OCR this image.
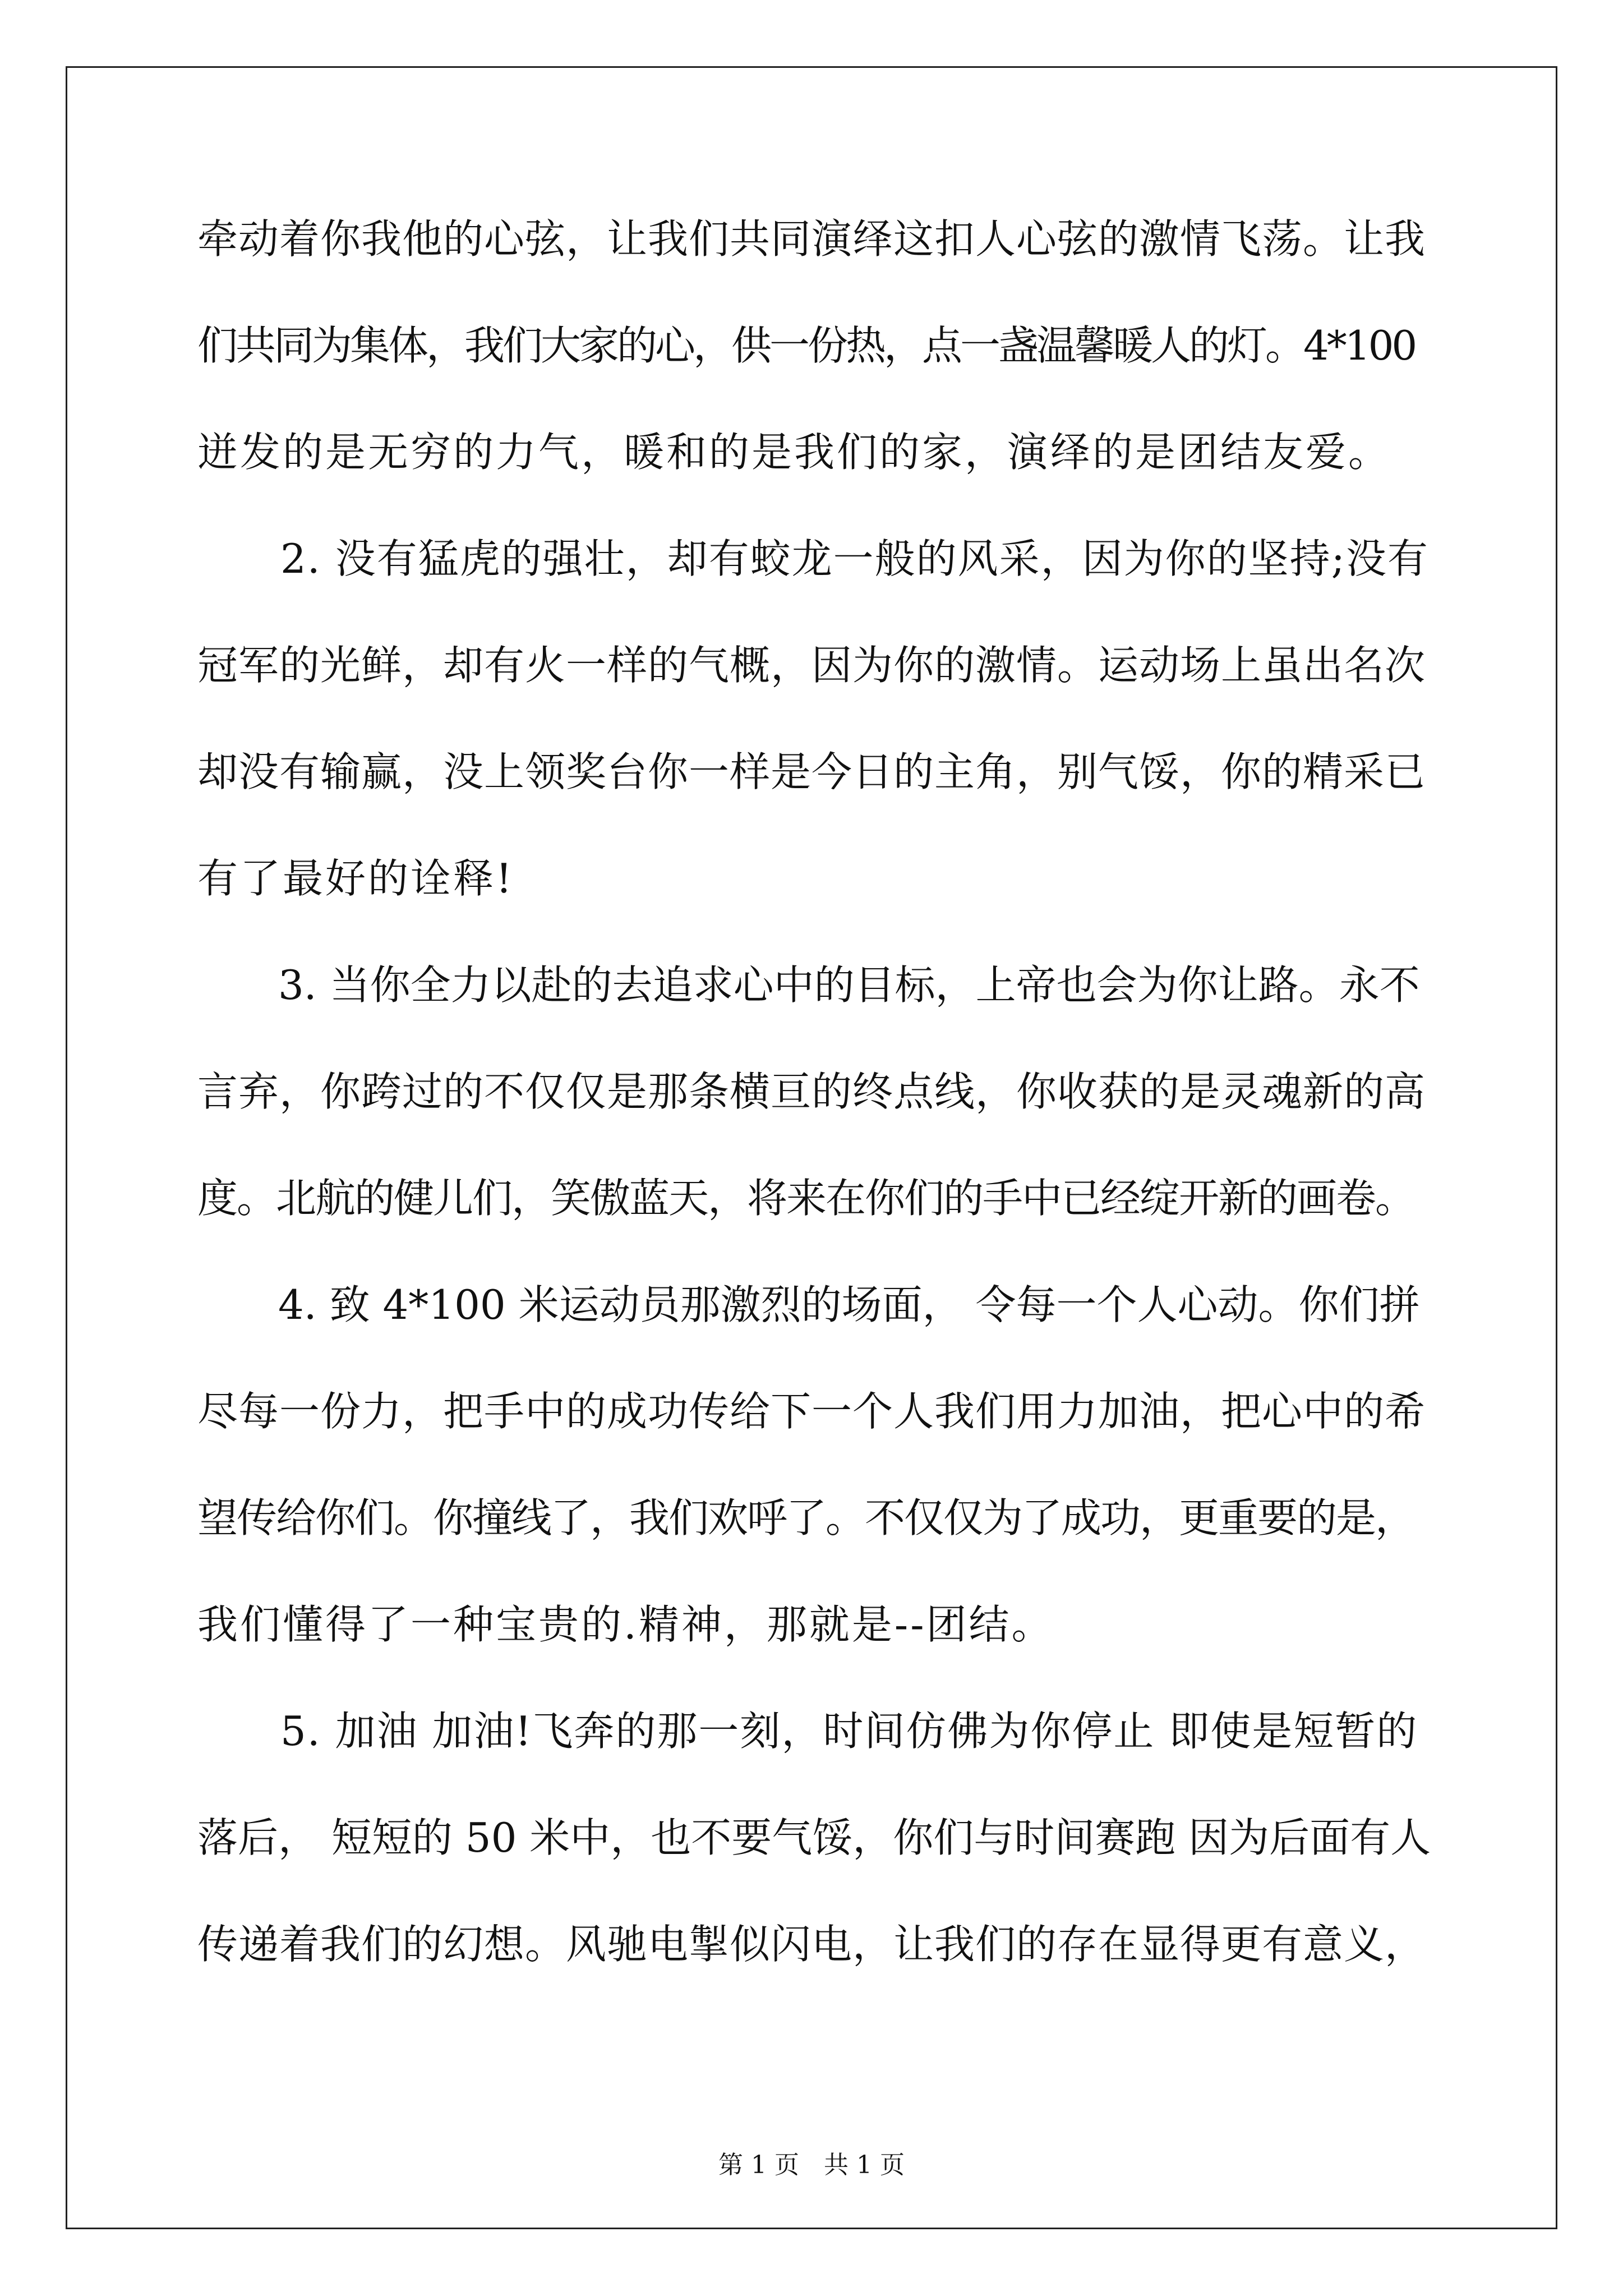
牵动着你我他的心弦，让我们共同演绎这扣人心弦的激情飞荡。让我
们共同为集体，我们大家的心，供一份热，点一盏温馨暖人的灯。4*100
迸发的是无穷的力气，暖和的是我们的家，演绎的是团结友爱。
　　2. 没有猛虎的强壮，却有蛟龙一般的风采，因为你的坚持;没有
冠军的光鲜，却有火一样的气概，因为你的激情。运动场上虽出名次
却没有输赢，没上领奖台你一样是今日的主角，别气馁，你的精采已
有了最好的诠释!
　　3. 当你全力以赴的去追求心中的目标，上帝也会为你让路。永不
言弃，你跨过的不仅仅是那条横亘的终点线，你收获的是灵魂新的高
度。北航的健儿们，笑傲蓝天，将来在你们的手中已经绽开新的画卷。
　　4. 致 4*100 米运动员那激烈的场面， 令每一个人心动。你们拼
尽每一份力，把手中的成功传给下一个人我们用力加油，把心中的希
望传给你们。你撞线了，我们欢呼了。不仅仅为了成功，更重要的是，
我们懂得了一种宝贵的.精神，那就是--团结。
　　5. 加油 加油!飞奔的那一刻，时间仿佛为你停止 即使是短暂的
落后， 短短的 50 米中，也不要气馁，你们与时间赛跑 因为后面有人
传递着我们的幻想。风驰电掣似闪电，让我们的存在显得更有意义，
第 1 页　共 1 页
